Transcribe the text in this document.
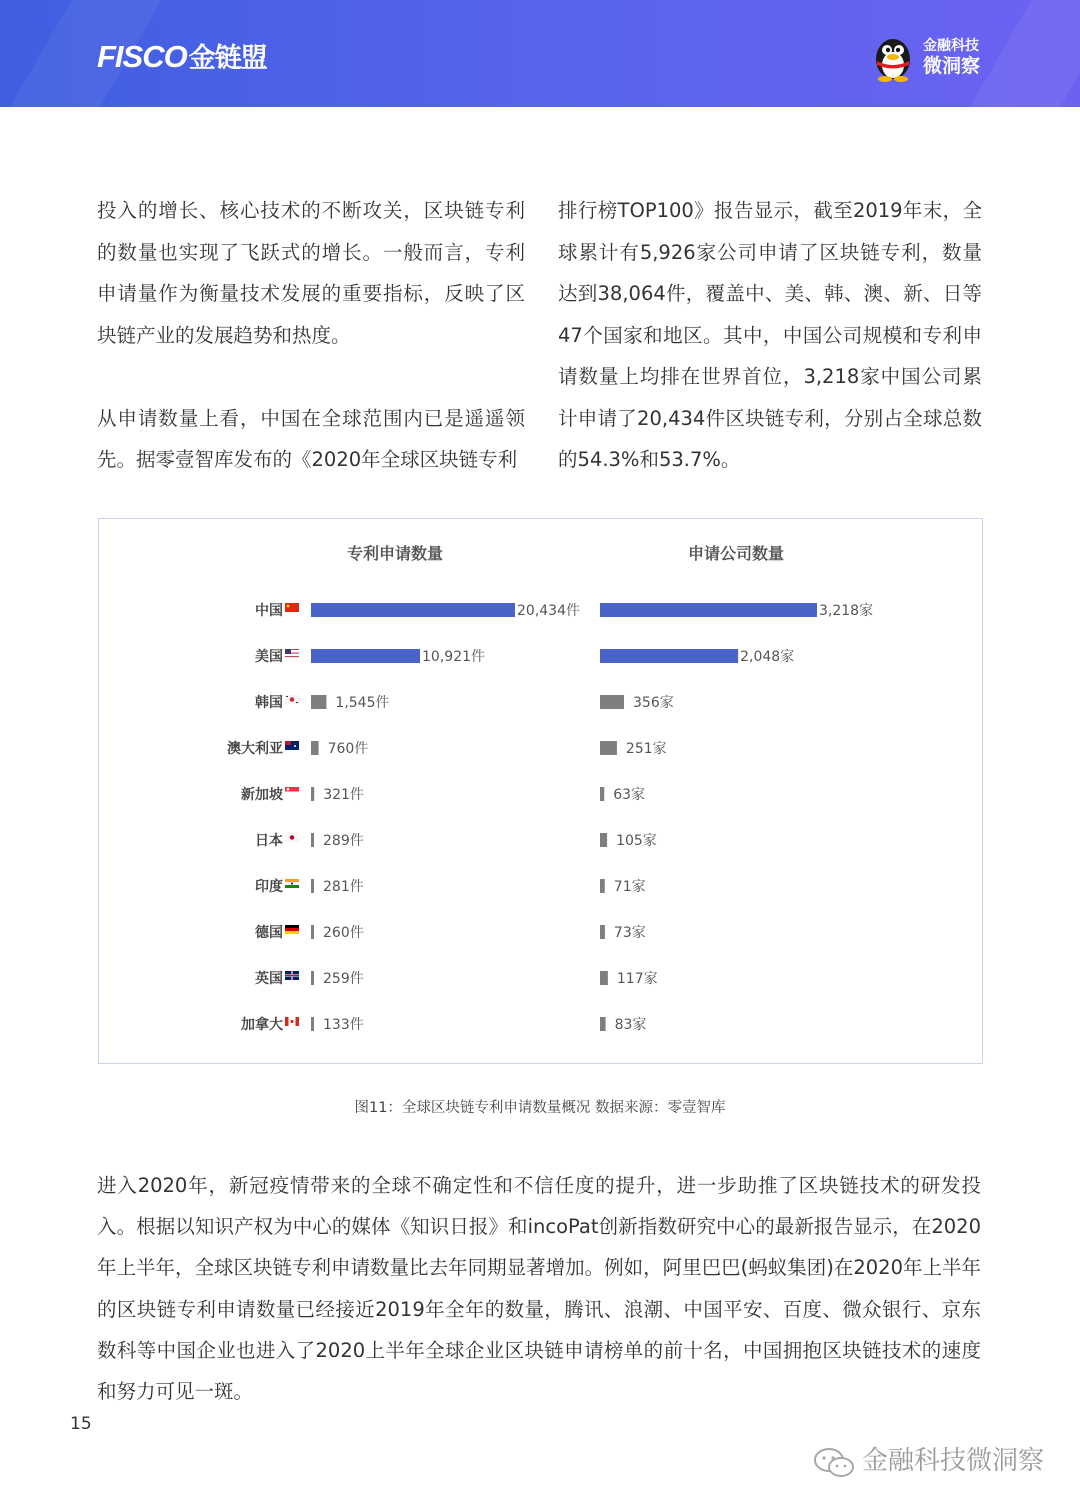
FISCO金链盟	金融科技
微洞察

投入的增长、核心技术的不断攻关，区块链专利的数量也实现了飞跃式的增长。一般而言，专利申请量作为衡量技术发展的重要指标，反映了区块链产业的发展趋势和热度。

从申请数量上看，中国在全球范围内已是遥遥领先。据零壹智库发布的《2020年全球区块链专利

排行榜TOP100》报告显示，截至2019年末，全球累计有5,926家公司申请了区块链专利，数量达到38,064件，覆盖中、美、韩、澳、新、日等47个国家和地区。其中，中国公司规模和专利申请数量上均排在世界首位，3,218家中国公司累计申请了20,434件区块链专利，分别占全球总数的54.3%和53.7%。

专利申请数量
20,434件
10,921件
1,545件
760件
321件
289件
281件
260件
259件
133件
申请公司数量
3,218家
2,048家
356家
251家
63家
105家
71家
73家
117家
83家
中国
美国
韩国
澳大利亚
新加坡
日本
印度
德国
英国
加拿大
图11：全球区块链专利申请数量概况 数据来源：零壹智库

进入2020年，新冠疫情带来的全球不确定性和不信任度的提升，进一步助推了区块链技术的研发投入。根据以知识产权为中心的媒体《知识日报》和incoPat创新指数研究中心的最新报告显示，在2020年上半年，全球区块链专利申请数量比去年同期显著增加。例如，阿里巴巴(蚂蚁集团)在2020年上半年的区块链专利申请数量已经接近2019年全年的数量，腾讯、浪潮、中国平安、百度、微众银行、京东数科等中国企业也进入了2020上半年全球企业区块链申请榜单的前十名，中国拥抱区块链技术的速度和努力可见一斑。

15
金融科技微洞察
